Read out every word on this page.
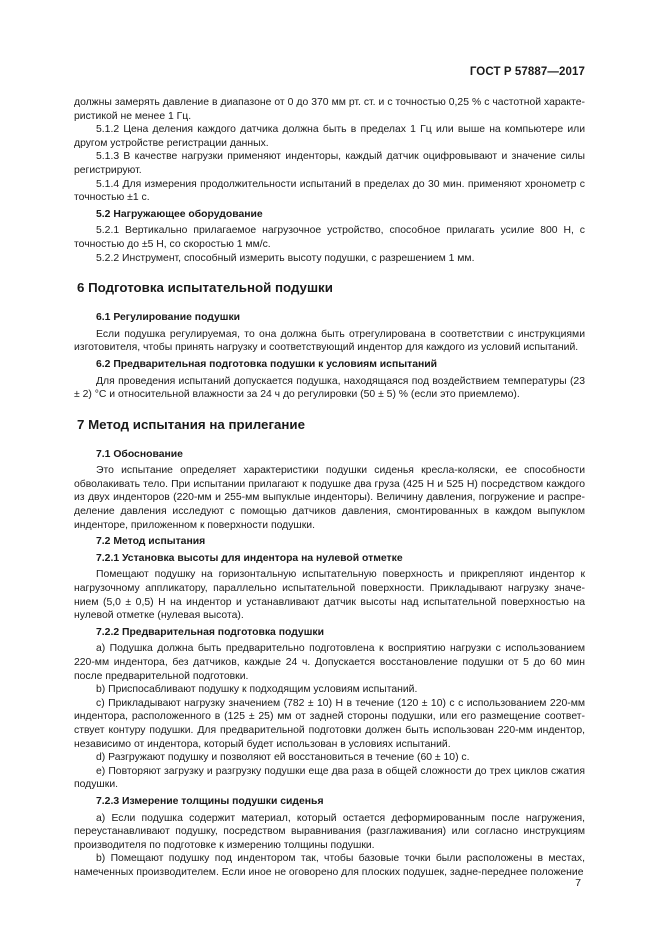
ГОСТ Р 57887—2017

должны замерять давление в диапазоне от 0 до 370 мм рт. ст. и с точностью 0,25 % с частотной характеристикой не менее 1 Гц.

5.1.2 Цена деления каждого датчика должна быть в пределах 1 Гц или выше на компьютере или другом устройстве регистрации данных.

5.1.3 В качестве нагрузки применяют инденторы, каждый датчик оцифровывают и значение силы регистрируют.

5.1.4 Для измерения продолжительности испытаний в пределах до 30 мин. применяют хронометр с точностью ±1 с.

5.2 Нагружающее оборудование

5.2.1 Вертикально прилагаемое нагрузочное устройство, способное прилагать усилие 800 Н, с точностью до ±5 Н, со скоростью 1 мм/с.

5.2.2 Инструмент, способный измерить высоту подушки, с разрешением 1 мм.

6 Подготовка испытательной подушки

6.1 Регулирование подушки

Если подушка регулируемая, то она должна быть отрегулирована в соответствии с инструкциями изготовителя, чтобы принять нагрузку и соответствующий индентор для каждого из условий испытаний.

6.2 Предварительная подготовка подушки к условиям испытаний

Для проведения испытаний допускается подушка, находящаяся под воздействием температуры (23 ± 2) °С и относительной влажности за 24 ч до регулировки (50 ± 5) % (если это приемлемо).

7 Метод испытания на прилегание

7.1 Обоснование

Это испытание определяет характеристики подушки сиденья кресла-коляски, ее способности обволакивать тело. При испытании прилагают к подушке два груза (425 Н и 525 Н) посредством каждого из двух инденторов (220-мм и 255-мм выпуклые инденторы). Величину давления, погружение и распределение давления исследуют с помощью датчиков давления, смонтированных в каждом выпуклом инденторе, приложенном к поверхности подушки.

7.2 Метод испытания

7.2.1 Установка высоты для индентора на нулевой отметке

Помещают подушку на горизонтальную испытательную поверхность и прикрепляют индентор к нагрузочному аппликатору, параллельно испытательной поверхности. Прикладывают нагрузку значением (5,0 ± 0,5) Н на индентор и устанавливают датчик высоты над испытательной поверхностью на нулевой отметке (нулевая высота).

7.2.2 Предварительная подготовка подушки

a) Подушка должна быть предварительно подготовлена к восприятию нагрузки с использованием 220-мм индентора, без датчиков, каждые 24 ч. Допускается восстановление подушки от 5 до 60 мин после предварительной подготовки.

b) Приспосабливают подушку к подходящим условиям испытаний.

c) Прикладывают нагрузку значением (782 ± 10) Н в течение (120 ± 10) с с использованием 220-мм индентора, расположенного в (125 ± 25) мм от задней стороны подушки, или его размещение соответствует контуру подушки. Для предварительной подготовки должен быть использован 220-мм индентор, независимо от индентора, который будет использован в условиях испытаний.

d) Разгружают подушку и позволяют ей восстановиться в течение (60 ± 10) с.

e) Повторяют загрузку и разгрузку подушки еще два раза в общей сложности до трех циклов сжатия подушки.

7.2.3 Измерение толщины подушки сиденья

a) Если подушка содержит материал, который остается деформированным после нагружения, переустанавливают подушку, посредством выравнивания (разглаживания) или согласно инструкциям производителя по подготовке к измерению толщины подушки.

b) Помещают подушку под индентором так, чтобы базовые точки были расположены в местах, намеченных производителем. Если иное не оговорено для плоских подушек, задне-переднее положение

7
